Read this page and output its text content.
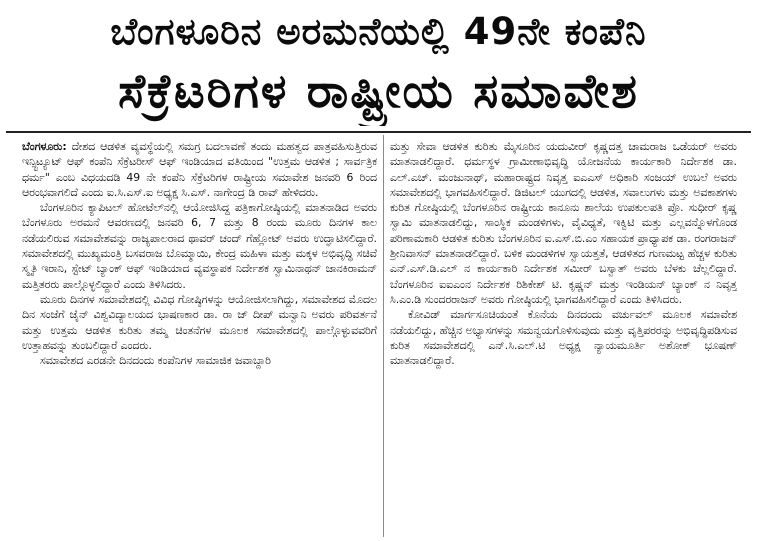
ಬೆಂಗಳೂರಿನ ಅರಮನೆಯಲ್ಲಿ 49ನೇ ಕಂಪೆನಿ
ಸೆಕ್ರೆಟರಿಗಳ ರಾಷ್ಟ್ರೀಯ ಸಮಾವೇಶ

ಬೆಂಗಳೂರು: ದೇಶದ ಆಡಳಿತ ವ್ಯವಸ್ಥೆಯಲ್ಲಿ ಸಮಗ್ರ ಬದಲಾವಣೆ ತಂದು ಮಹತ್ವದ ಪಾತ್ರವಹಿಸುತ್ತಿರುವ ಇನ್ಸ್ಟಿಟ್ಯೂಟ್ ಆಫ್ ಕಂಪೆನಿ ಸೆಕ್ರೆಟರೀಸ್ ಆಫ್ ಇಂಡಿಯಾದ ವತಿಯಿಂದ "ಉತ್ತಮ ಆಡಳಿತ ; ಸಾರ್ವತ್ರಿಕ ಧರ್ಮ" ಎಂಬ ವಿಧಯದಡಿ 49 ನೇ ಕಂಪೆನಿ ಸೆಕ್ರೆಟರಿಗಳ ರಾಷ್ಟ್ರೀಯ ಸಮಾವೇಶ ಜನವರಿ 6 ರಿಂದ ಆರಂಭವಾಗಲಿದೆ ಎಂದು ಐ.ಸಿ.ಎಸ್.ಐ ಅಧ್ಯಕ್ಷ ಸಿ.ಎಸ್. ನಾಗೇಂದ್ರ ಡಿ ರಾವ್ ಹೇಳಿದರು.

ಬೆಂಗಳೂರಿನ ಕ್ಯಾಪಿಟಲ್ ಹೋಟೆಲ್‌ನಲ್ಲಿ ಆಯೋಜಿಸಿದ್ದ ಪತ್ರಿಕಾಗೋಷ್ಠಿಯಲ್ಲಿ ಮಾತನಾಡಿದ ಅವರು ಬೆಂಗಳೂರು ಅರಮನೆ ಆವರಣದಲ್ಲಿ ಜನವರಿ 6, 7 ಮತ್ತು 8 ರಂದು ಮೂರು ದಿನಗಳ ಕಾಲ ನಡೆಯಲಿರುವ ಸಮಾವೇಶವನ್ನು ರಾಜ್ಯಪಾಲರಾದ ಥಾವರ್ ಚಂದ್ ಗೆಹ್ಲೋಟ್ ಅವರು ಉದ್ಘಾಟಿಸಲಿದ್ದಾರೆ. ಸಮಾವೇಶದಲ್ಲಿ ಮುಖ್ಯಮಂತ್ರಿ ಬಸವರಾಜ ಬೊಮ್ಮಾಯಿ, ಕೇಂದ್ರ ಮಹಿಳಾ ಮತ್ತು ಮಕ್ಕಳ ಅಭಿವೃದ್ಧಿ ಸಚಿವೆ ಸ್ಮೃತಿ ಇರಾನಿ, ಸ್ಟೇಟ್ ಬ್ಯಾಂಕ್ ಆಫ್ ಇಂಡಿಯಾದ ವ್ಯವಸ್ಥಾಪಕ ನಿರ್ದೇಶಕ ಸ್ವಾಮಿನಾಥನ್ ಜಾನಕಿರಾಮನ್ ಮತ್ತಿತರರು ಪಾಲ್ಗೊಳ್ಳಲಿದ್ದಾರೆ ಎಂದು ತಿಳಿಸಿದರು.

ಮೂರು ದಿನಗಳ ಸಮಾವೇಶದಲ್ಲಿ ವಿವಿಧ ಗೋಷ್ಠಿಗಳನ್ನು ಆಯೋಜಿಸಲಾಗಿದ್ದು, ಸಮಾವೇಶದ ಮೊದಲ ದಿನ ಸಂಜೆಗೆ ಜೈನ್ ವಿಶ್ವವಿದ್ಯಾಲಯದ ಭಾಷಣಕಾರ ಡಾ. ರಾ ಜ್ ದೀಪ್ ಮನ್ವಾನಿ ಅವರು ಪರಿವರ್ತನೆ ಮತ್ತು ಉತ್ತಮ ಆಡಳಿತ ಕುರಿತು ತಮ್ಮ ಚಿಂತನೆಗಳ ಮೂಲಕ ಸಮಾವೇಶದಲ್ಲಿ ಪಾಲ್ಗೊಳ್ಳುವವರಿಗೆ ಉತ್ತಾಹವನ್ನು ತುಂಬಲಿದ್ದಾರೆ ಎಂದರು.

ಸಮಾವೇಶದ ಎರಡನೇ ದಿನದಂದು ಕಂಪೆನಿಗಳ ಸಾಮಾಜಿಕ ಜವಾಬ್ದಾರಿ

ಮತ್ತು ಸೇವಾ ಆಡಳಿತ ಕುರಿತು ಮೈಸೂರಿನ ಯದುವೀರ್ ಕೃಷ್ಣದತ್ತ ಚಾಮರಾಜ ಒಡೆಯರ್ ಅವರು ಮಾತನಾಡಲಿದ್ದಾರೆ. ಧರ್ಮಸ್ಥಳ ಗ್ರಾಮೀಣಾಭಿವೃದ್ಧಿ ಯೋಜನೆಯ ಕಾರ್ಯಕಾರಿ ನಿರ್ದೇಶಕ ಡಾ. ಎಲ್.ಎಚ್. ಮಂಜುನಾಥ್, ಮಹಾರಾಷ್ಟ್ರದ ನಿವೃತ್ತ ಐಎಎಸ್ ಅಧಿಕಾರಿ ಸಂಜಯ್ ಉಬಲೆ ಅವರು ಸಮಾವೇಶದಲ್ಲಿ ಭಾಗವಹಿಸಲಿದ್ದಾರೆ. ಡಿಜಿಟಲ್ ಯುಗದಲ್ಲಿ ಆಡಳಿತ, ಸವಾಲುಗಳು ಮತ್ತು ಅವಕಾಶಗಳು ಕುರಿತ ಗೋಷ್ಠಿಯಲ್ಲಿ ಬೆಂಗಳೂರಿನ ರಾಷ್ಟ್ರೀಯ ಕಾನೂನು ಶಾಲೆಯ ಉಪಕುಲಪತಿ ಪ್ರೊ. ಸುಧೀರ್ ಕೃಷ್ಣ ಸ್ವಾಮಿ ಮಾತನಾಡಲಿದ್ದು, ಸಾಂಸ್ಥಿಕ ಮಂಡಳಿಗಳು, ವೈವಿಧ್ಯತೆ, ಇಕ್ವಿಟಿ ಮತ್ತು ಎಲ್ಲವನ್ನೊಳಗೊಂಡ ಪರಿಣಾಮಕಾರಿ ಆಡಳಿತ ಕುರಿತು ಬೆಂಗಳೂರಿನ ಐ.ಎಸ್.ಬಿ.ಎಂ ಸಹಾಯಕ ಪ್ರಾಧ್ಯಾಪಕ ಡಾ. ರಂಗರಾಜನ್ ಶ್ರೀನಿವಾಸನ್ ಮಾತನಾಡಲಿದ್ದಾರೆ. ಬಳಿಕ ಮಂಡಳಿಗಳ ಸ್ವಾಯತ್ತತೆ, ಆಡಳಿತದ ಗುಣಮಟ್ಟ ಹೆಚ್ಚಳ ಕುರಿತು ಎನ್.ಎಸ್.ಡಿ.ಎಲ್ ನ ಕಾರ್ಯಕಾರಿ ನಿರ್ದೇಶಕ ಸಮೀರ್ ಬಸ್ವಾತ್ ಅವರು ಬೆಳಕು ಚೆಲ್ಲಲಿದ್ದಾರೆ. ಬೆಂಗಳೂರಿನ ಐಐಎಂನ ನಿರ್ದೇಶಕ ರಿಶಿಕೇಶ್ ಟಿ. ಕೃಷ್ಣನ್ ಮತ್ತು ಇಂಡಿಯನ್ ಬ್ಯಾಂಕ್ ನ ನಿವೃತ್ತ ಸಿ.ಎಂ.ಡಿ ಸುಂದರರಾಜನ್ ಅವರು ಗೋಷ್ಠಿಯಲ್ಲಿ ಭಾಗವಹಿಸಲಿದ್ದಾರೆ ಎಂದು ತಿಳಿಸಿದರು.

ಕೋವಿಡ್ ಮಾರ್ಗಸೂಚಿಯಂತೆ ಕೊನೆಯ ದಿನದಂದು ವರ್ಚುವಲ್ ಮೂಲಕ ಸಮಾವೇಶ ನಡೆಯಲಿದ್ದು, ಹೆಚ್ಚಿನ ಅಭ್ಯಾಸಗಳನ್ನು ಸಮನ್ವಯಗೊಳಿಸುವುದು ಮತ್ತು ವೃತ್ತಿಪರರನ್ನು ಅಭಿವೃದ್ಧಿಪಡಿಸುವ ಕುರಿತ ಸಮಾವೇಶದಲ್ಲಿ ಎನ್.ಸಿ.ಎಲ್.ಟಿ ಅಧ್ಯಕ್ಷ ನ್ಯಾಯಮೂರ್ತಿ ಅಶೋಕ್ ಭೂಷಣ್ ಮಾತನಾಡಲಿದ್ದಾರೆ.
